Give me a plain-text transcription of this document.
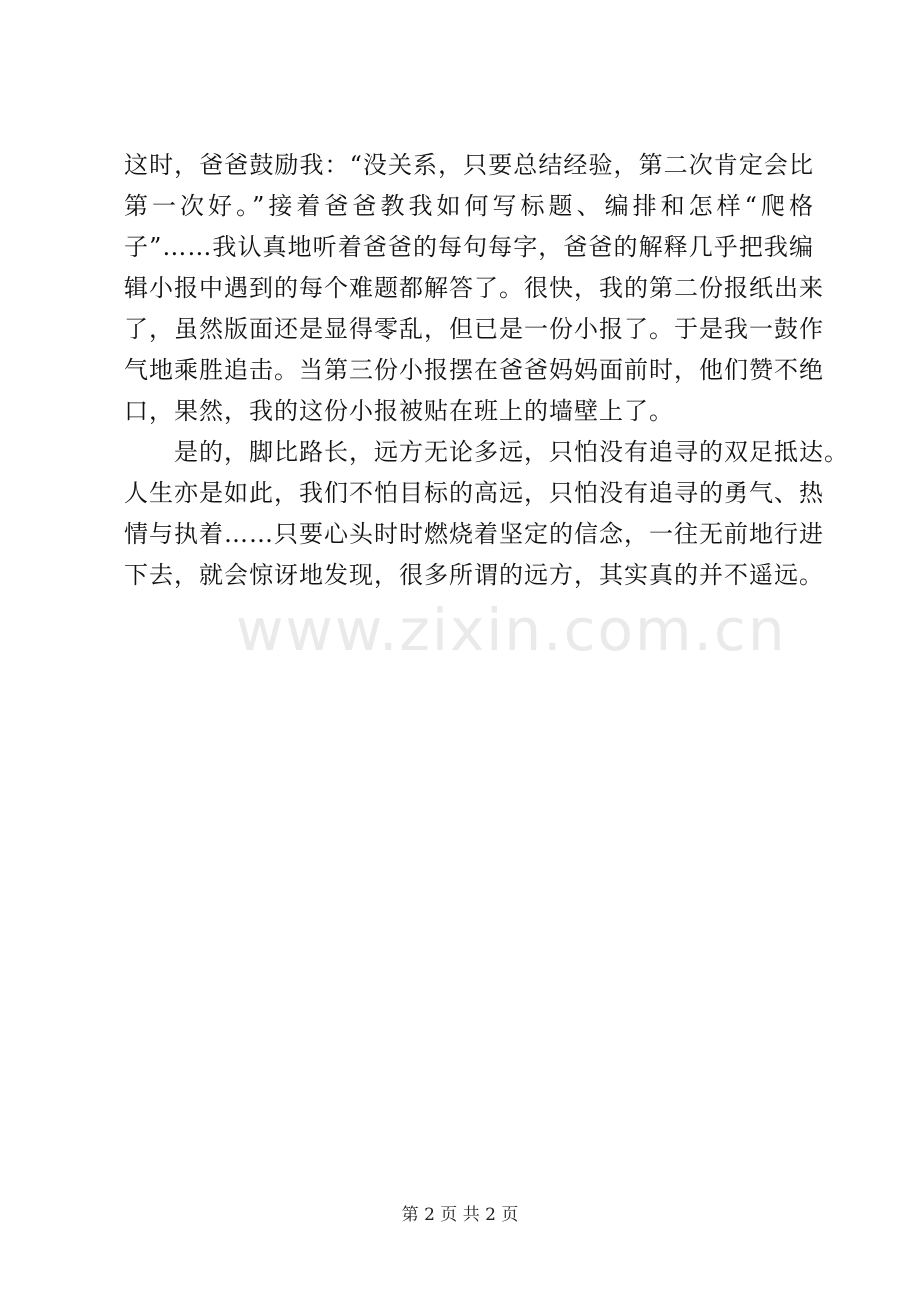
这时，爸爸鼓励我：“没关系，只要总结经验，第二次肯定会比
第一次好。”接着爸爸教我如何写标题、编排和怎样“爬格
子”……我认真地听着爸爸的每句每字，爸爸的解释几乎把我编
辑小报中遇到的每个难题都解答了。很快，我的第二份报纸出来
了，虽然版面还是显得零乱，但已是一份小报了。于是我一鼓作
气地乘胜追击。当第三份小报摆在爸爸妈妈面前时，他们赞不绝
口，果然，我的这份小报被贴在班上的墙壁上了。
　　是的，脚比路长，远方无论多远，只怕没有追寻的双足抵达。
人生亦是如此，我们不怕目标的高远，只怕没有追寻的勇气、热
情与执着……只要心头时时燃烧着坚定的信念，一往无前地行进
下去，就会惊讶地发现，很多所谓的远方，其实真的并不遥远。
www.zixin.com.cn
第 2 页 共 2 页
